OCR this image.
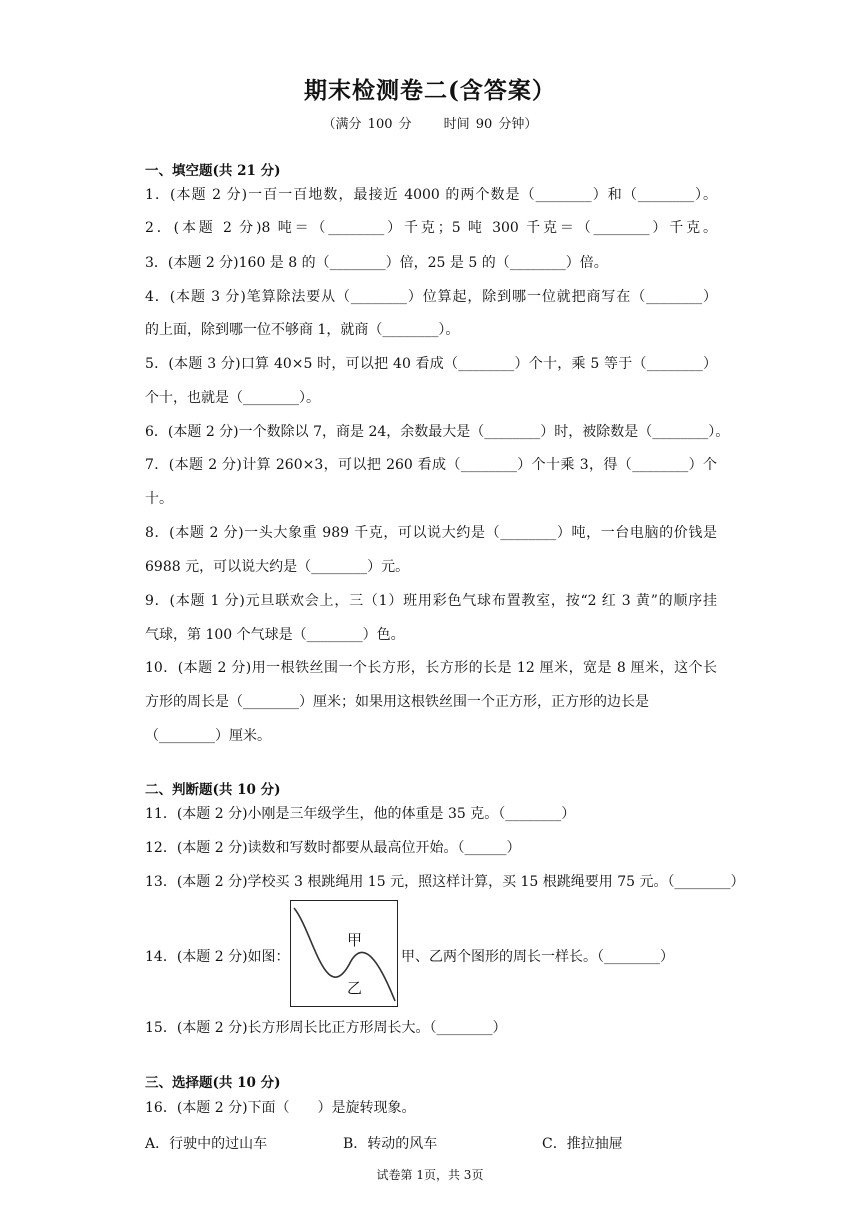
期末检测卷二(含答案）
（满分 100 分 时间 90 分钟）
一、填空题(共 21 分)
1．(本题 2 分)一百一百地数，最接近 4000 的两个数是（________）和（________）。
2．(本题 2 分)8 吨＝（________）千克；5 吨 300 千克＝（________）千克。
3．(本题 2 分)160 是 8 的（________）倍，25 是 5 的（________）倍。
4．(本题 3 分)笔算除法要从（________）位算起，除到哪一位就把商写在（________）
的上面，除到哪一位不够商 1，就商（________）。
5．(本题 3 分)口算 40×5 时，可以把 40 看成（________）个十，乘 5 等于（________）
个十，也就是（________）。
6．(本题 2 分)一个数除以 7，商是 24，余数最大是（________）时，被除数是（________）。
7．(本题 2 分)计算 260×3，可以把 260 看成（________）个十乘 3，得（________）个
十。
8．(本题 2 分)一头大象重 989 千克，可以说大约是（________）吨，一台电脑的价钱是
6988 元，可以说大约是（________）元。
9．(本题 1 分)元旦联欢会上，三（1）班用彩色气球布置教室，按“2 红 3 黄”的顺序挂
气球，第 100 个气球是（________）色。
10．(本题 2 分)用一根铁丝围一个长方形，长方形的长是 12 厘米，宽是 8 厘米，这个长
方形的周长是（________）厘米；如果用这根铁丝围一个正方形，正方形的边长是
（________）厘米。
二、判断题(共 10 分)
11．(本题 2 分)小刚是三年级学生，他的体重是 35 克。（________）
12．(本题 2 分)读数和写数时都要从最高位开始。（______）
13．(本题 2 分)学校买 3 根跳绳用 15 元，照这样计算，买 15 根跳绳要用 75 元。（________）
14．(本题 2 分)如图：
甲
乙
甲、乙两个图形的周长一样长。（________）
15．(本题 2 分)长方形周长比正方形周长大。（________）
三、选择题(共 10 分)
16．(本题 2 分)下面（　　）是旋转现象。
A．行驶中的过山车	B．转动的风车	C．推拉抽屉
试卷第 1页，共 3页
